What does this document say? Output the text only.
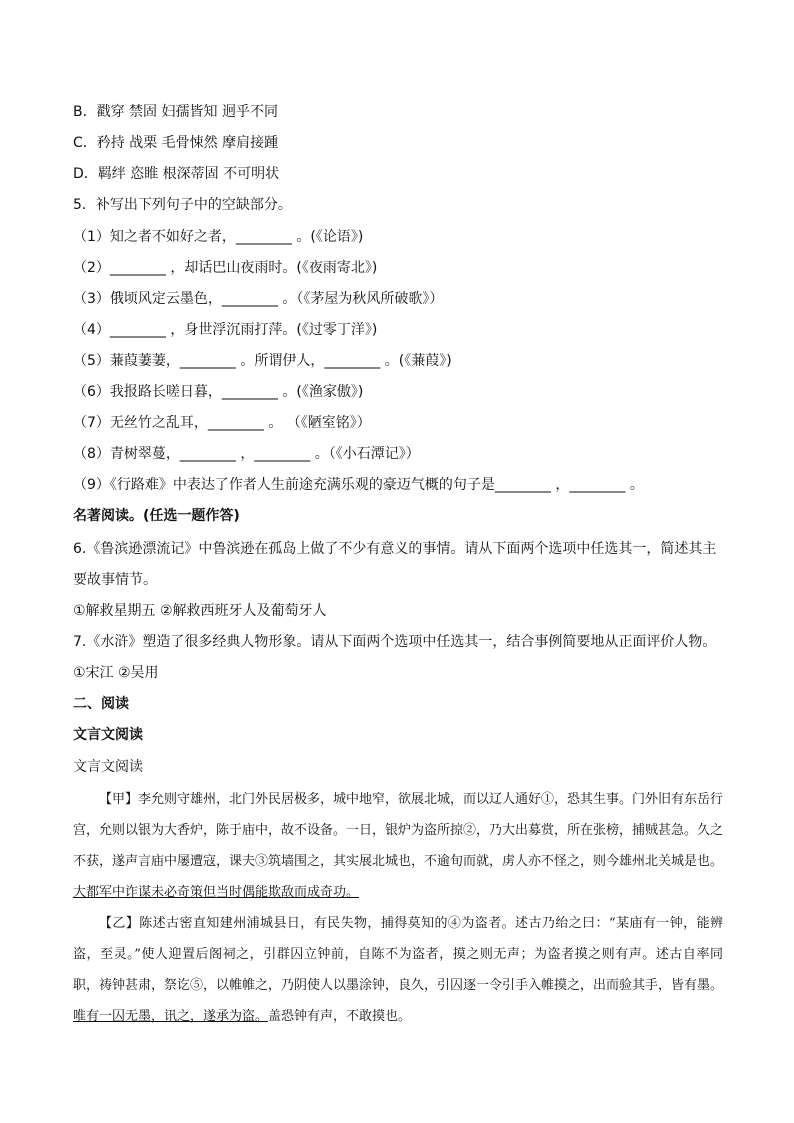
B．戳穿 禁固 妇孺皆知 迥乎不同
C．矜持 战栗 毛骨悚然 摩肩接踵
D．羁绊 恣睢 根深蒂固 不可明状
5．补写出下列句子中的空缺部分。
（1）知之者不如好之者，________ 。(《论语》)
（2）________ ，却话巴山夜雨时。(《夜雨寄北》)
（3）俄顷风定云墨色，________ 。（《茅屋为秋风所破歌》）
（4）________ ，身世浮沉雨打萍。(《过零丁洋》)
（5）蒹葭萋萋，________ 。所谓伊人，________ 。(《蒹葭》)
（6）我报路长嗟日暮，________ 。(《渔家傲》)
（7）无丝竹之乱耳，________ 。 （《陋室铭》）
（8）青树翠蔓，________ ，________ 。（《小石潭记》）
（9）《行路难》中表达了作者人生前途充满乐观的豪迈气概的句子是________ ，________ 。
名著阅读。(任选一题作答)
6.《鲁滨逊漂流记》中鲁滨逊在孤岛上做了不少有意义的事情。请从下面两个选项中任选其一，简述其主
要故事情节。
①解救星期五 ②解救西班牙人及葡萄牙人
7.《水浒》塑造了很多经典人物形象。请从下面两个选项中任选其一，结合事例简要地从正面评价人物。
①宋江 ②吴用
二、阅读
文言文阅读
文言文阅读

【甲】李允则守雄州，北门外民居极多，城中地窄，欲展北城，而以辽人通好①，恐其生事。门外旧有东岳行宫，允则以银为大香炉，陈于庙中，故不设备。一日，银炉为盗所掠②，乃大出募赏，所在张榜，捕贼甚急。久之不获，遂声言庙中屡遭寇，课夫③筑墙围之，其实展北城也，不逾旬而就，虏人亦不怪之，则今雄州北关城是也。大都军中诈谋未必奇策但当时偶能欺敌而成奇功。

【乙】陈述古密直知建州浦城县日，有民失物，捕得莫知的④为盗者。述古乃绐之曰：“某庙有一钟，能辨盗，至灵。”使人迎置后阁祠之，引群囚立钟前，自陈不为盗者，摸之则无声；为盗者摸之则有声。述古自率同职，祷钟甚肃，祭讫⑤，以帷帷之，乃阴使人以墨涂钟，良久，引囚逐一令引手入帷摸之，出而验其手，皆有墨。唯有一囚无墨，讯之，遂承为盗。盖恐钟有声，不敢摸也。
